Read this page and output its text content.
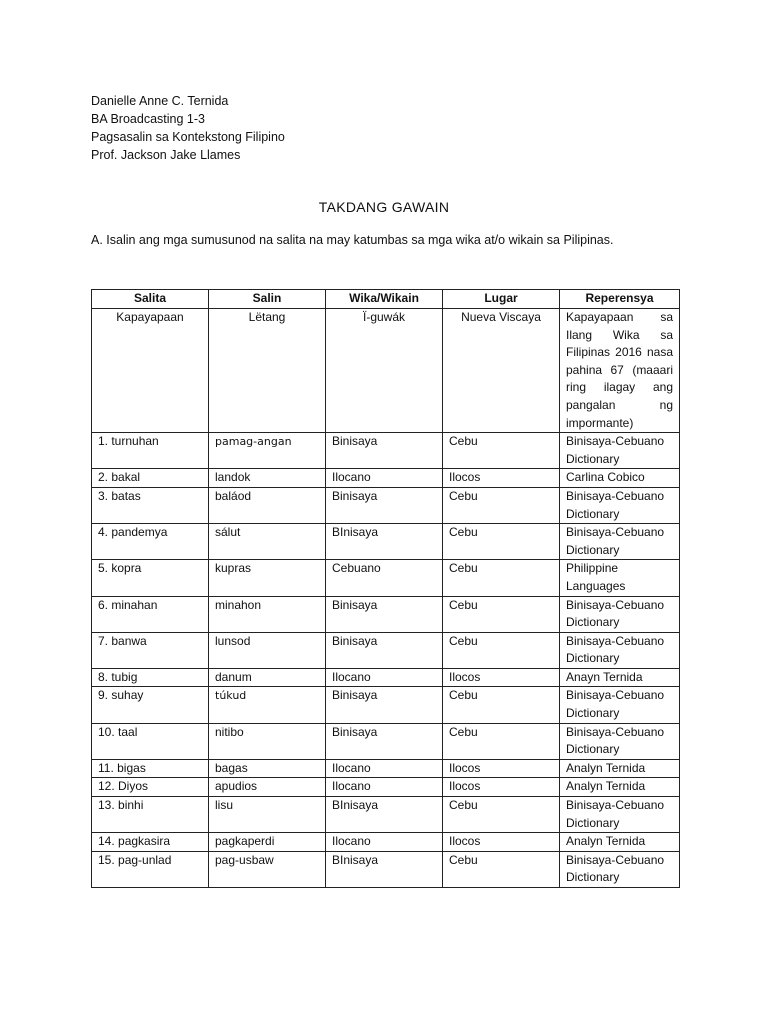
Danielle Anne C. Ternida
BA Broadcasting 1-3
Pagsasalin sa Kontekstong Filipino
Prof. Jackson Jake Llames
TAKDANG GAWAIN
A. Isalin ang mga sumusunod na salita na may katumbas sa mga wika at/o wikain sa Pilipinas.
Salita	Salin	Wika/Wikain	Lugar	Reperensya
Kapayapaan	Lëtang	Ï-guwák	Nueva Viscaya	Kapayapaan sa Ilang Wika sa Filipinas 2016 nasa pahina 67 (maaari ring ilagay ang pangalan ng impormante)
1. turnuhan	pamag-angan	Binisaya	Cebu	Binisaya-Cebuano Dictionary
2. bakal	landok	Ilocano	Ilocos	Carlina Cobico
3. batas	baláod	Binisaya	Cebu	Binisaya-Cebuano Dictionary
4. pandemya	sálut	BInisaya	Cebu	Binisaya-Cebuano Dictionary
5. kopra	kupras	Cebuano	Cebu	Philippine Languages
6. minahan	minahon	Binisaya	Cebu	Binisaya-Cebuano Dictionary
7. banwa	lunsod	Binisaya	Cebu	Binisaya-Cebuano Dictionary
8. tubig	danum	Ilocano	Ilocos	Anayn Ternida
9. suhay	túkud	Binisaya	Cebu	Binisaya-Cebuano Dictionary
10. taal	nitibo	Binisaya	Cebu	Binisaya-Cebuano Dictionary
11. bigas	bagas	Ilocano	Ilocos	Analyn Ternida
12. Diyos	apudios	Ilocano	Ilocos	Analyn Ternida
13. binhi	lisu	BInisaya	Cebu	Binisaya-Cebuano Dictionary
14. pagkasira	pagkaperdi	Ilocano	Ilocos	Analyn Ternida
15. pag-unlad	pag-usbaw	BInisaya	Cebu	Binisaya-Cebuano Dictionary
